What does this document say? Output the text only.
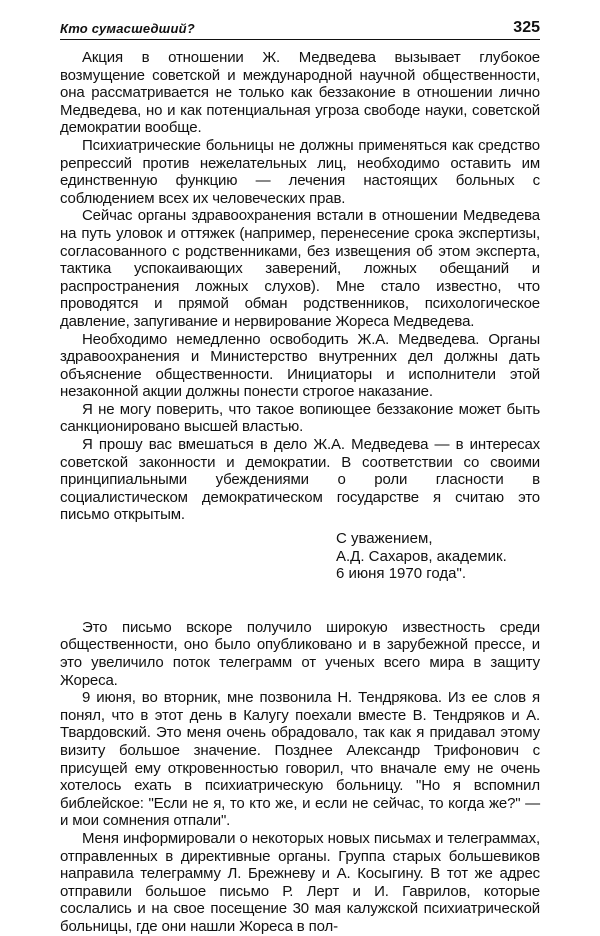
Кто сумасшедший?	325

Акция в отношении Ж. Медведева вызывает глубокое возмущение советской и международной научной общественности, она рассматривается не только как беззаконие в отношении лично Медведева, но и как потенциальная угроза свободе науки, советской демократии вообще.

Психиатрические больницы не должны применяться как средство репрессий против нежелательных лиц, необходимо оставить им единственную функцию — лечения настоящих больных с соблюдением всех их человеческих прав.

Сейчас органы здравоохранения встали в отношении Медведева на путь уловок и оттяжек (например, перенесение срока экспертизы, согласованного с родственниками, без извещения об этом эксперта, тактика успокаивающих заверений, ложных обещаний и распространения ложных слухов). Мне стало известно, что проводятся и прямой обман родственников, психологическое давление, запугивание и нервирование Жореса Медведева.

Необходимо немедленно освободить Ж.А. Медведева. Органы здравоохранения и Министерство внутренних дел должны дать объяснение общественности. Инициаторы и исполнители этой незаконной акции должны понести строгое наказание.

Я не могу поверить, что такое вопиющее беззаконие может быть санкционировано высшей властью.

Я прошу вас вмешаться в дело Ж.А. Медведева — в интересах советской законности и демократии. В соответствии со своими принципиальными убеждениями о роли гласности в социалистическом демократическом государстве я считаю это письмо открытым.

С уважением,
А.Д. Сахаров, академик.
6 июня 1970 года".

Это письмо вскоре получило широкую известность среди общественности, оно было опубликовано и в зарубежной прессе, и это увеличило поток телеграмм от ученых всего мира в защиту Жореса.

9 июня, во вторник, мне позвонила Н. Тендрякова. Из ее слов я понял, что в этот день в Калугу поехали вместе В. Тендряков и А. Твардовский. Это меня очень обрадовало, так как я придавал этому визиту большое значение. Позднее Александр Трифонович с присущей ему откровенностью говорил, что вначале ему не очень хотелось ехать в психиатрическую больницу. "Но я вспомнил библейское: "Если не я, то кто же, и если не сейчас, то когда же?" — и мои сомнения отпали".

Меня информировали о некоторых новых письмах и телеграммах, отправленных в директивные органы. Группа старых большевиков направила телеграмму Л. Брежневу и А. Косыгину. В тот же адрес отправили большое письмо Р. Лерт и И. Гаврилов, которые сослались и на свое посещение 30 мая калужской психиатрической больницы, где они нашли Жореса в пол-
